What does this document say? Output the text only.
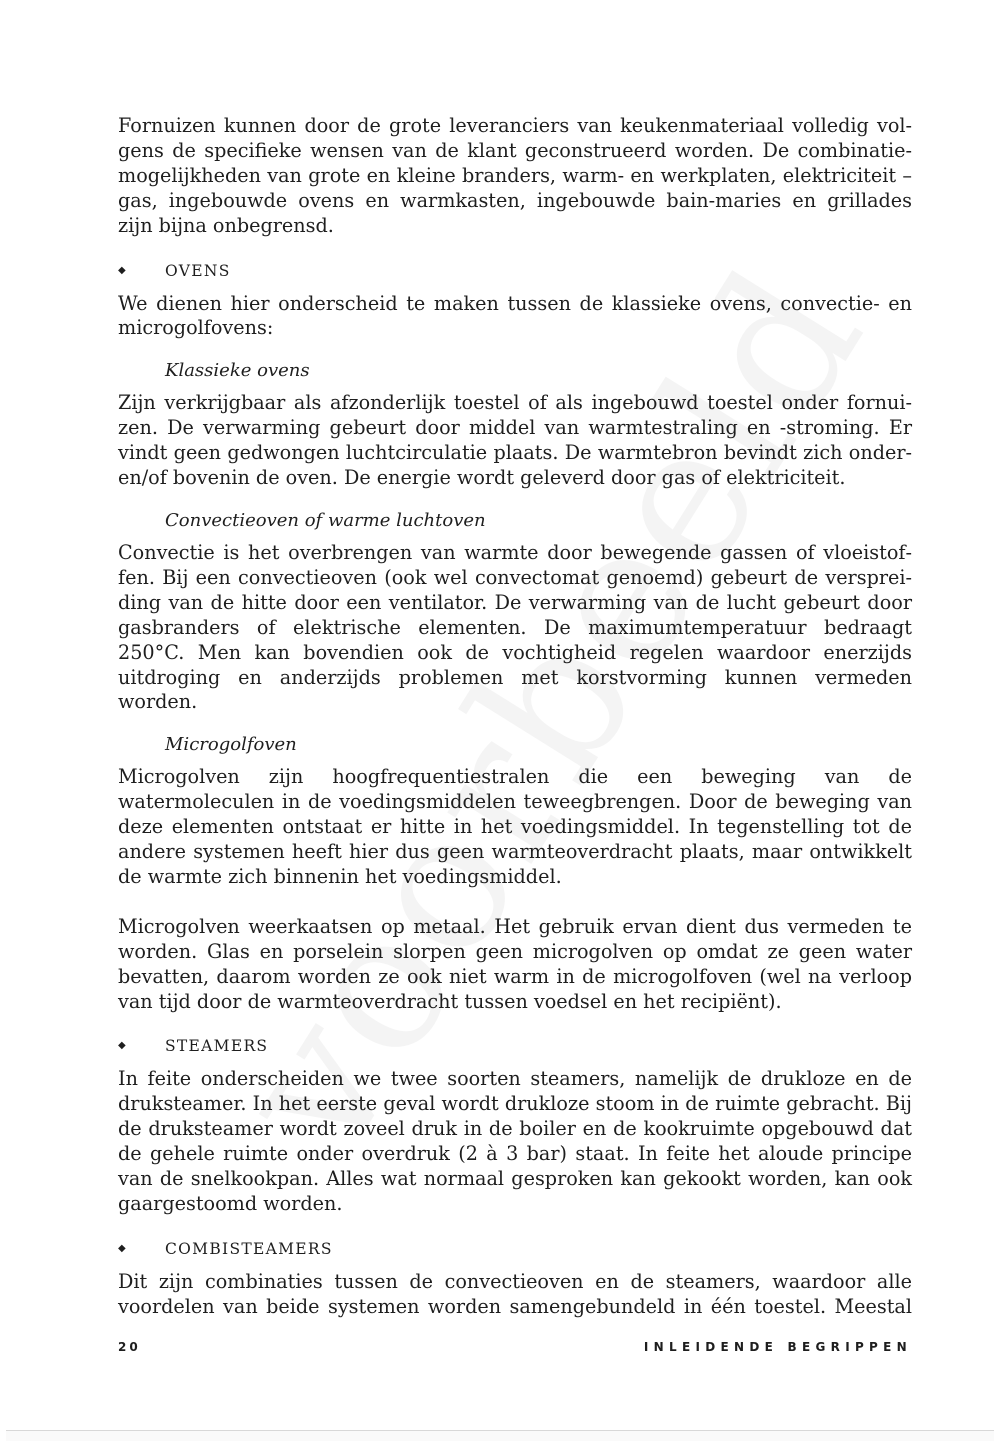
Fornuizen kunnen door de grote leveranciers van keukenmateriaal volledig volgens de specifieke wensen van de klant geconstrueerd worden. De combinatiemogelijkheden van grote en kleine branders, warm- en werkplaten, elektriciteit – gas, ingebouwde ovens en warmkasten, ingebouwde bain-maries en grillades zijn bijna onbegrensd.

◆ OVENS

We dienen hier onderscheid te maken tussen de klassieke ovens, convectie- en microgolfovens:

Klassieke ovens

Zijn verkrijgbaar als afzonderlijk toestel of als ingebouwd toestel onder fornuizen. De verwarming gebeurt door middel van warmtestraling en -stroming. Er vindt geen gedwongen luchtcirculatie plaats. De warmtebron bevindt zich onderen/of bovenin de oven. De energie wordt geleverd door gas of elektriciteit.

Convectieoven of warme luchtoven

Convectie is het overbrengen van warmte door bewegende gassen of vloeistoffen. Bij een convectieoven (ook wel convectomat genoemd) gebeurt de verspreiding van de hitte door een ventilator. De verwarming van de lucht gebeurt door gasbranders of elektrische elementen. De maximumtemperatuur bedraagt 250°C. Men kan bovendien ook de vochtigheid regelen waardoor enerzijds uitdroging en anderzijds problemen met korstvorming kunnen vermeden worden.

Microgolfoven

Microgolven zijn hoogfrequentiestralen die een beweging van de watermoleculen in de voedingsmiddelen teweegbrengen. Door de beweging van deze elementen ontstaat er hitte in het voedingsmiddel. In tegenstelling tot de andere systemen heeft hier dus geen warmteoverdracht plaats, maar ontwikkelt de warmte zich binnenin het voedingsmiddel.

Microgolven weerkaatsen op metaal. Het gebruik ervan dient dus vermeden te worden. Glas en porselein slorpen geen microgolven op omdat ze geen water bevatten, daarom worden ze ook niet warm in de microgolfoven (wel na verloop van tijd door de warmteoverdracht tussen voedsel en het recipiënt).

◆ STEAMERS

In feite onderscheiden we twee soorten steamers, namelijk de drukloze en de druksteamer. In het eerste geval wordt drukloze stoom in de ruimte gebracht. Bij de druksteamer wordt zoveel druk in de boiler en de kookruimte opgebouwd dat de gehele ruimte onder overdruk (2 à 3 bar) staat. In feite het aloude principe van de snelkookpan. Alles wat normaal gesproken kan gekookt worden, kan ook gaargestoomd worden.

◆ COMBISTEAMERS

Dit zijn combinaties tussen de convectieoven en de steamers, waardoor alle voordelen van beide systemen worden samengebundeld in één toestel. Meestal

20	INLEIDENDE BEGRIPPEN
